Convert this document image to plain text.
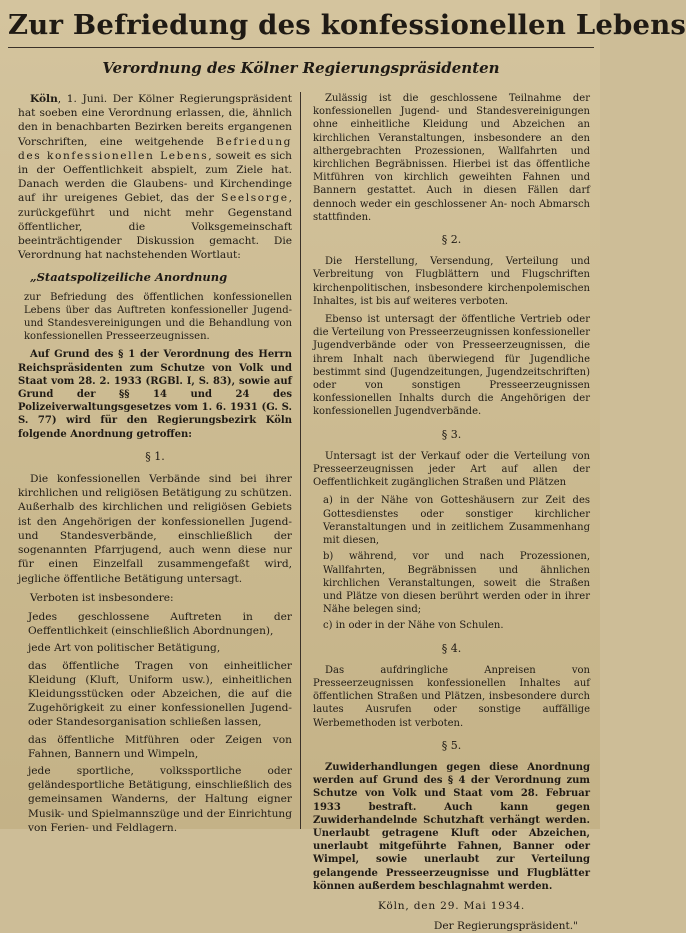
Zur Befriedung des konfessionellen Lebens
Verordnung des Kölner Regierungspräsidenten

Köln, 1. Juni. Der Kölner Regierungspräsident hat soeben eine Verordnung erlassen, die, ähnlich den in benachbarten Bezirken bereits ergangenen Vorschriften, eine weitgehende Befriedung des konfessionellen Lebens, soweit es sich in der Oeffentlichkeit abspielt, zum Ziele hat. Danach werden die Glaubens- und Kirchendinge auf ihr ureigenes Gebiet, das der Seelsorge, zurückgeführt und nicht mehr Gegenstand öffentlicher, die Volksgemeinschaft beeinträchtigender Diskussion gemacht. Die Verordnung hat nachstehenden Wortlaut:

„Staatspolizeiliche Anordnung

zur Befriedung des öffentlichen konfessionellen Lebens über das Auftreten konfessioneller Jugend- und Standesvereinigungen und die Behandlung von konfessionellen Presseerzeugnissen.

Auf Grund des § 1 der Verordnung des Herrn Reichspräsidenten zum Schutze von Volk und Staat vom 28. 2. 1933 (RGBl. I, S. 83), sowie auf Grund der §§ 14 und 24 des Polizeiverwaltungsgesetzes vom 1. 6. 1931 (G. S. S. 77) wird für den Regierungsbezirk Köln folgende Anordnung getroffen:

§ 1.

Die konfessionellen Verbände sind bei ihrer kirchlichen und religiösen Betätigung zu schützen. Außerhalb des kirchlichen und religiösen Gebiets ist den Angehörigen der konfessionellen Jugend- und Standesverbände, einschließlich der sogenannten Pfarrjugend, auch wenn diese nur für einen Einzelfall zusammengefaßt wird, jegliche öffentliche Betätigung untersagt.

Verboten ist insbesondere:

Jedes geschlossene Auftreten in der Oeffentlichkeit (einschließlich Abordnungen),

jede Art von politischer Betätigung,

das öffentliche Tragen von einheitlicher Kleidung (Kluft, Uniform usw.), einheitlichen Kleidungsstücken oder Abzeichen, die auf die Zugehörigkeit zu einer konfessionellen Jugend- oder Standesorganisation schließen lassen,

das öffentliche Mitführen oder Zeigen von Fahnen, Bannern und Wimpeln,

jede sportliche, volkssportliche oder geländesportliche Betätigung, einschließlich des gemeinsamen Wanderns, der Haltung eigner Musik- und Spielmannszüge und der Einrichtung von Ferien- und Feldlagern.

Zulässig ist die geschlossene Teilnahme der konfessionellen Jugend- und Standesvereinigungen ohne einheitliche Kleidung und Abzeichen an kirchlichen Veranstaltungen, insbesondere an den althergebrachten Prozessionen, Wallfahrten und kirchlichen Begräbnissen. Hierbei ist das öffentliche Mitführen von kirchlich geweihten Fahnen und Bannern gestattet. Auch in diesen Fällen darf dennoch weder ein geschlossener An- noch Abmarsch stattfinden.

§ 2.

Die Herstellung, Versendung, Verteilung und Verbreitung von Flugblättern und Flugschriften kirchenpolitischen, insbesondere kirchenpolemischen Inhaltes, ist bis auf weiteres verboten.

Ebenso ist untersagt der öffentliche Vertrieb oder die Verteilung von Presseerzeugnissen konfessioneller Jugendverbände oder von Presseerzeugnissen, die ihrem Inhalt nach überwiegend für Jugendliche bestimmt sind (Jugendzeitungen, Jugendzeitschriften) oder von sonstigen Presseerzeugnissen konfessionellen Inhalts durch die Angehörigen der konfessionellen Jugendverbände.

§ 3.

Untersagt ist der Verkauf oder die Verteilung von Presseerzeugnissen jeder Art auf allen der Oeffentlichkeit zugänglichen Straßen und Plätzen

a) in der Nähe von Gotteshäusern zur Zeit des Gottesdienstes oder sonstiger kirchlicher Veranstaltungen und in zeitlichem Zusammenhang mit diesen,

b) während, vor und nach Prozessionen, Wallfahrten, Begräbnissen und ähnlichen kirchlichen Veranstaltungen, soweit die Straßen und Plätze von diesen berührt werden oder in ihrer Nähe belegen sind;

c) in oder in der Nähe von Schulen.

§ 4.

Das aufdringliche Anpreisen von Presseerzeugnissen konfessionellen Inhaltes auf öffentlichen Straßen und Plätzen, insbesondere durch lautes Ausrufen oder sonstige auffällige Werbemethoden ist verboten.

§ 5.

Zuwiderhandlungen gegen diese Anordnung werden auf Grund des § 4 der Verordnung zum Schutze von Volk und Staat vom 28. Februar 1933 bestraft. Auch kann gegen Zuwiderhandelnde Schutzhaft verhängt werden. Unerlaubt getragene Kluft oder Abzeichen, unerlaubt mitgeführte Fahnen, Banner oder Wimpel, sowie unerlaubt zur Verteilung gelangende Presseerzeugnisse und Flugblätter können außerdem beschlagnahmt werden.

Köln, den 29. Mai 1934.

Der Regierungspräsident."
